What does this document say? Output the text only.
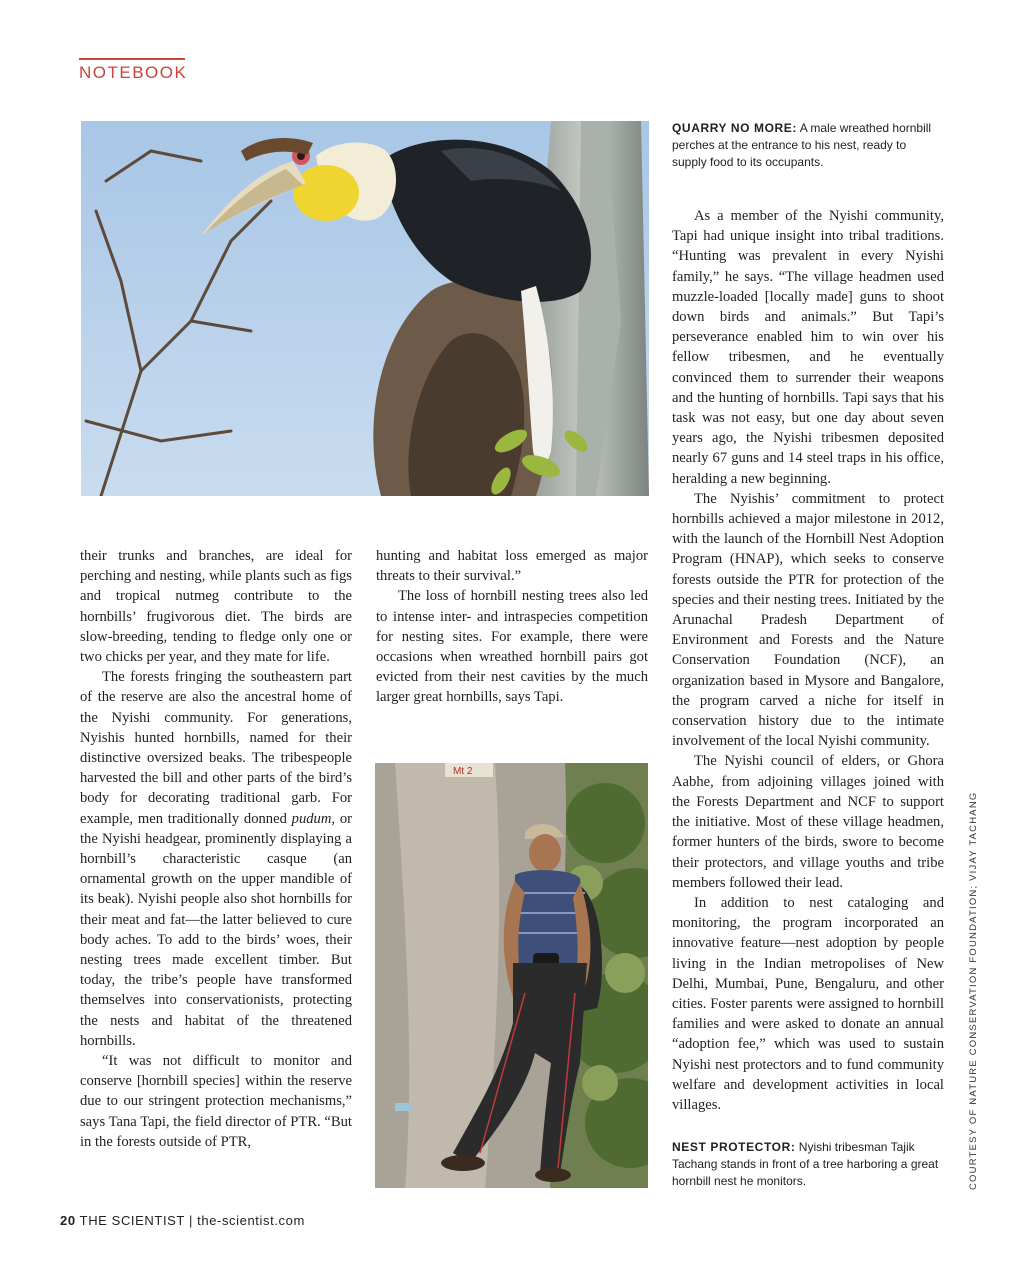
NOTEBOOK
QUARRY NO MORE: A male wreathed hornbill perches at the entrance to his nest, ready to supply food to its occupants.

their trunks and branches, are ideal for perching and nesting, while plants such as figs and tropical nutmeg contribute to the hornbills’ frugivorous diet. The birds are slow-breeding, tending to fledge only one or two chicks per year, and they mate for life.

The forests fringing the southeastern part of the reserve are also the ancestral home of the Nyishi community. For generations, Nyishis hunted hornbills, named for their distinctive oversized beaks. The tribespeople harvested the bill and other parts of the bird’s body for decorating traditional garb. For example, men traditionally donned pudum, or the Nyishi headgear, prominently displaying a hornbill’s characteristic casque (an ornamental growth on the upper mandible of its beak). Nyishi people also shot hornbills for their meat and fat—the latter believed to cure body aches. To add to the birds’ woes, their nesting trees made excellent timber. But today, the tribe’s people have transformed themselves into conservationists, protecting the nests and habitat of the threatened hornbills.

“It was not difficult to monitor and conserve [hornbill species] within the reserve due to our stringent protection mechanisms,” says Tana Tapi, the field director of PTR. “But in the forests outside of PTR,

hunting and habitat loss emerged as major threats to their survival.”

The loss of hornbill nesting trees also led to intense inter- and intraspecies competition for nesting sites. For example, there were occasions when wreathed hornbill pairs got evicted from their nest cavities by the much larger great hornbills, says Tapi.

Mt 2

As a member of the Nyishi community, Tapi had unique insight into tribal traditions. “Hunting was prevalent in every Nyishi family,” he says. “The village headmen used muzzle-loaded [locally made] guns to shoot down birds and animals.” But Tapi’s perseverance enabled him to win over his fellow tribesmen, and he eventually convinced them to surrender their weapons and the hunting of hornbills. Tapi says that his task was not easy, but one day about seven years ago, the Nyishi tribesmen deposited nearly 67 guns and 14 steel traps in his office, heralding a new beginning.

The Nyishis’ commitment to protect hornbills achieved a major milestone in 2012, with the launch of the Hornbill Nest Adoption Program (HNAP), which seeks to conserve forests outside the PTR for protection of the species and their nesting trees. Initiated by the Arunachal Pradesh Department of Environment and Forests and the Nature Conservation Foundation (NCF), an organization based in Mysore and Bangalore, the program carved a niche for itself in conservation history due to the intimate involvement of the local Nyishi community.

The Nyishi council of elders, or Ghora Aabhe, from adjoining villages joined with the Forests Department and NCF to support the initiative. Most of these village headmen, former hunters of the birds, swore to become their protectors, and village youths and tribe members followed their lead.

In addition to nest cataloging and monitoring, the program incorporated an innovative feature—nest adoption by people living in the Indian metropolises of New Delhi, Mumbai, Pune, Bengaluru, and other cities. Foster parents were assigned to hornbill families and were asked to donate an annual “adoption fee,” which was used to sustain Nyishi nest protectors and to fund community welfare and development activities in local villages.

NEST PROTECTOR: Nyishi tribesman Tajik Tachang stands in front of a tree harboring a great hornbill nest he monitors.	COURTESY OF NATURE CONSERVATION FOUNDATION; VIJAY TACHANG
20 THE SCIENTIST | the-scientist.com
